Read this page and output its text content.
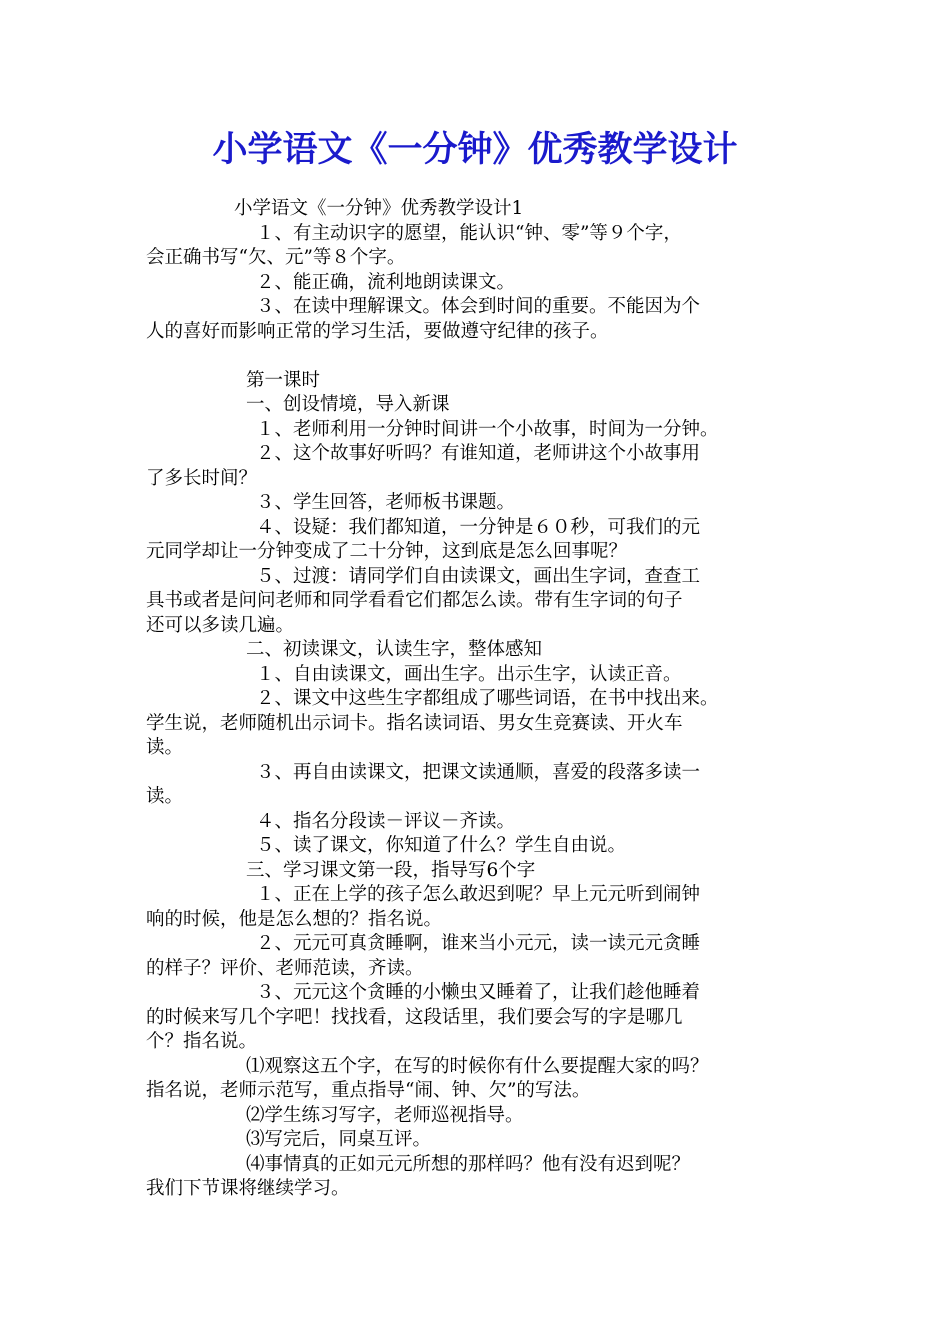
小学语文《一分钟》优秀教学设计
小学语文《一分钟》优秀教学设计1
１、有主动识字的愿望，能认识“钟、零”等９个字，
会正确书写“欠、元”等８个字。
２、能正确，流利地朗读课文。
３、在读中理解课文。体会到时间的重要。不能因为个
人的喜好而影响正常的学习生活，要做遵守纪律的孩子。
第一课时
一、创设情境，导入新课
１、老师利用一分钟时间讲一个小故事，时间为一分钟。
２、这个故事好听吗？有谁知道，老师讲这个小故事用
了多长时间？
３、学生回答，老师板书课题。
４、设疑：我们都知道，一分钟是６０秒，可我们的元
元同学却让一分钟变成了二十分钟，这到底是怎么回事呢？
５、过渡：请同学们自由读课文，画出生字词，查查工
具书或者是问问老师和同学看看它们都怎么读。带有生字词的句子
还可以多读几遍。
二、初读课文，认读生字，整体感知
１、自由读课文，画出生字。出示生字，认读正音。
２、课文中这些生字都组成了哪些词语，在书中找出来。
学生说，老师随机出示词卡。指名读词语、男女生竞赛读、开火车
读。
３、再自由读课文，把课文读通顺，喜爱的段落多读一
读。
４、指名分段读－评议－齐读。
５、读了课文，你知道了什么？学生自由说。
三、学习课文第一段，指导写6个字
１、正在上学的孩子怎么敢迟到呢？早上元元听到闹钟
响的时候，他是怎么想的？指名说。
２、元元可真贪睡啊，谁来当小元元，读一读元元贪睡
的样子？评价、老师范读，齐读。
３、元元这个贪睡的小懒虫又睡着了，让我们趁他睡着
的时候来写几个字吧！找找看，这段话里，我们要会写的字是哪几
个？指名说。
⑴观察这五个字，在写的时候你有什么要提醒大家的吗？
指名说，老师示范写，重点指导“闹、钟、欠”的写法。
⑵学生练习写字，老师巡视指导。
⑶写完后，同桌互评。
⑷事情真的正如元元所想的那样吗？他有没有迟到呢？
我们下节课将继续学习。
